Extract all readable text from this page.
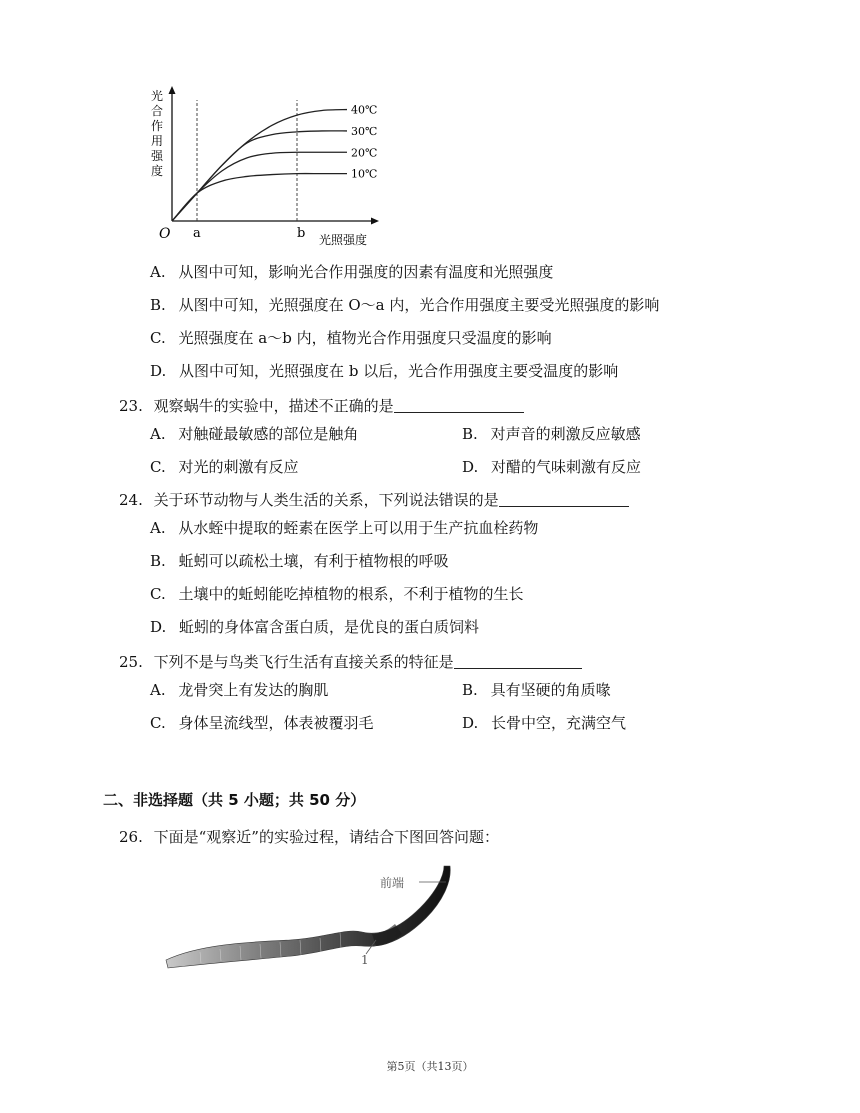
光
合
作
用
强
度
O a	b 光照强度
40℃
30℃
20℃
10℃
A. 从图中可知，影响光合作用强度的因素有温度和光照强度
B. 从图中可知，光照强度在 O～a 内，光合作用强度主要受光照强度的影响
C. 光照强度在 a～b 内，植物光合作用强度只受温度的影响
D. 从图中可知，光照强度在 b 以后，光合作用强度主要受温度的影响
23. 观察蜗牛的实验中，描述不正确的是
A. 对触碰最敏感的部位是触角	B. 对声音的刺激反应敏感
C. 对光的刺激有反应	D. 对醋的气味刺激有反应
24. 关于环节动物与人类生活的关系，下列说法错误的是
A. 从水蛭中提取的蛭素在医学上可以用于生产抗血栓药物
B. 蚯蚓可以疏松土壤，有利于植物根的呼吸
C. 土壤中的蚯蚓能吃掉植物的根系，不利于植物的生长
D. 蚯蚓的身体富含蛋白质，是优良的蛋白质饲料
25. 下列不是与鸟类飞行生活有直接关系的特征是
A. 龙骨突上有发达的胸肌	B. 具有坚硬的角质喙
C. 身体呈流线型，体表被覆羽毛	D. 长骨中空，充满空气
二、非选择题（共 5 小题；共 50 分）
26. 下面是“观察近”的实验过程，请结合下图回答问题：
前端
1
第5页（共13页）
